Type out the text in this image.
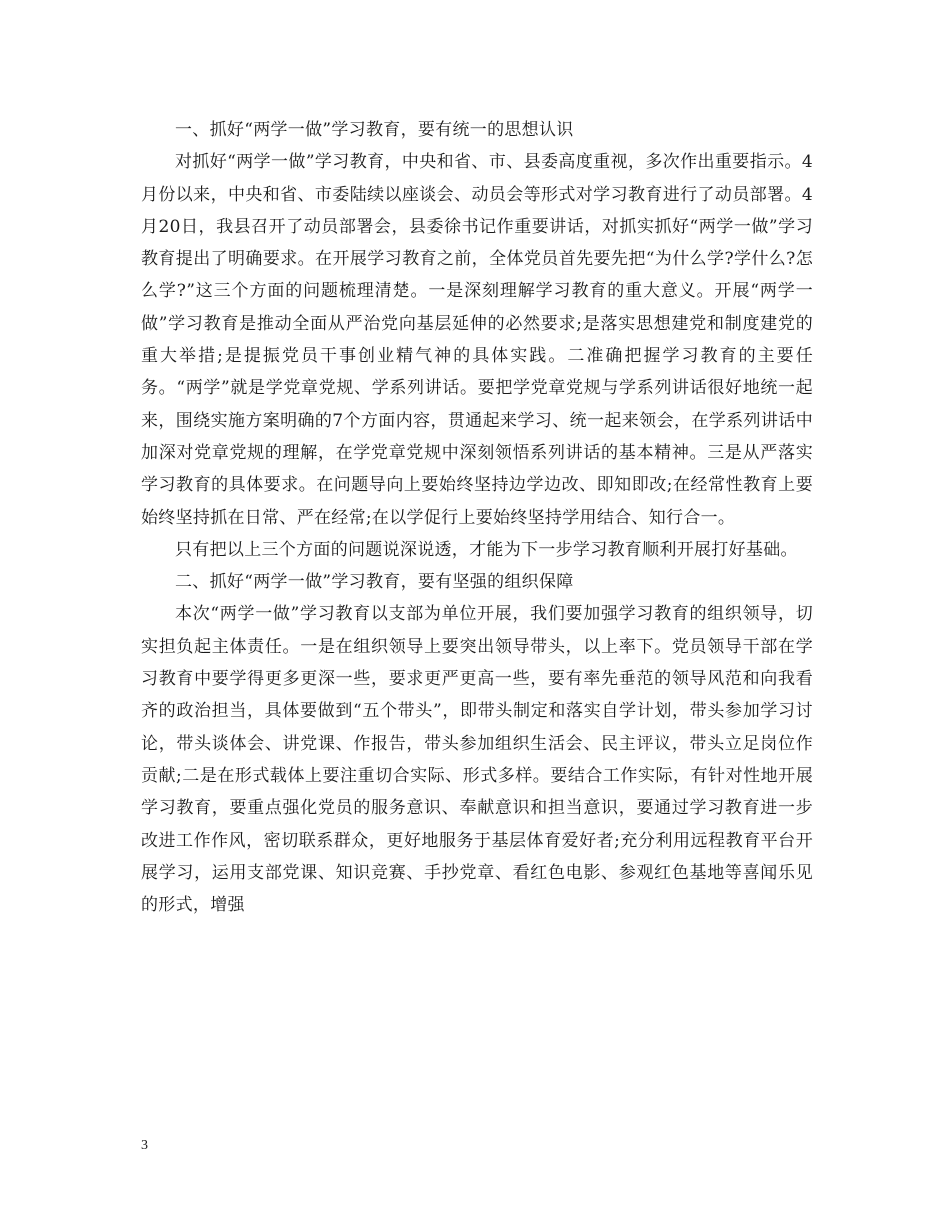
一、抓好“两学一做”学习教育，要有统一的思想认识

对抓好“两学一做”学习教育，中央和省、市、县委高度重视，多次作出重要指示。4月份以来，中央和省、市委陆续以座谈会、动员会等形式对学习教育进行了动员部署。4月20日，我县召开了动员部署会，县委徐书记作重要讲话，对抓实抓好“两学一做”学习教育提出了明确要求。在开展学习教育之前，全体党员首先要先把“为什么学?学什么?怎么学?”这三个方面的问题梳理清楚。一是深刻理解学习教育的重大意义。开展“两学一做”学习教育是推动全面从严治党向基层延伸的必然要求;是落实思想建党和制度建党的重大举措;是提振党员干事创业精气神的具体实践。二准确把握学习教育的主要任务。“两学”就是学党章党规、学系列讲话。要把学党章党规与学系列讲话很好地统一起来，围绕实施方案明确的7个方面内容，贯通起来学习、统一起来领会，在学系列讲话中加深对党章党规的理解，在学党章党规中深刻领悟系列讲话的基本精神。三是从严落实学习教育的具体要求。在问题导向上要始终坚持边学边改、即知即改;在经常性教育上要始终坚持抓在日常、严在经常;在以学促行上要始终坚持学用结合、知行合一。

只有把以上三个方面的问题说深说透，才能为下一步学习教育顺利开展打好基础。

二、抓好“两学一做”学习教育，要有坚强的组织保障

本次“两学一做”学习教育以支部为单位开展，我们要加强学习教育的组织领导，切实担负起主体责任。一是在组织领导上要突出领导带头，以上率下。党员领导干部在学习教育中要学得更多更深一些，要求更严更高一些，要有率先垂范的领导风范和向我看齐的政治担当，具体要做到“五个带头”，即带头制定和落实自学计划，带头参加学习讨论，带头谈体会、讲党课、作报告，带头参加组织生活会、民主评议，带头立足岗位作贡献;二是在形式载体上要注重切合实际、形式多样。要结合工作实际，有针对性地开展学习教育，要重点强化党员的服务意识、奉献意识和担当意识，要通过学习教育进一步改进工作作风，密切联系群众，更好地服务于基层体育爱好者;充分利用远程教育平台开展学习，运用支部党课、知识竞赛、手抄党章、看红色电影、参观红色基地等喜闻乐见的形式，增强

3
